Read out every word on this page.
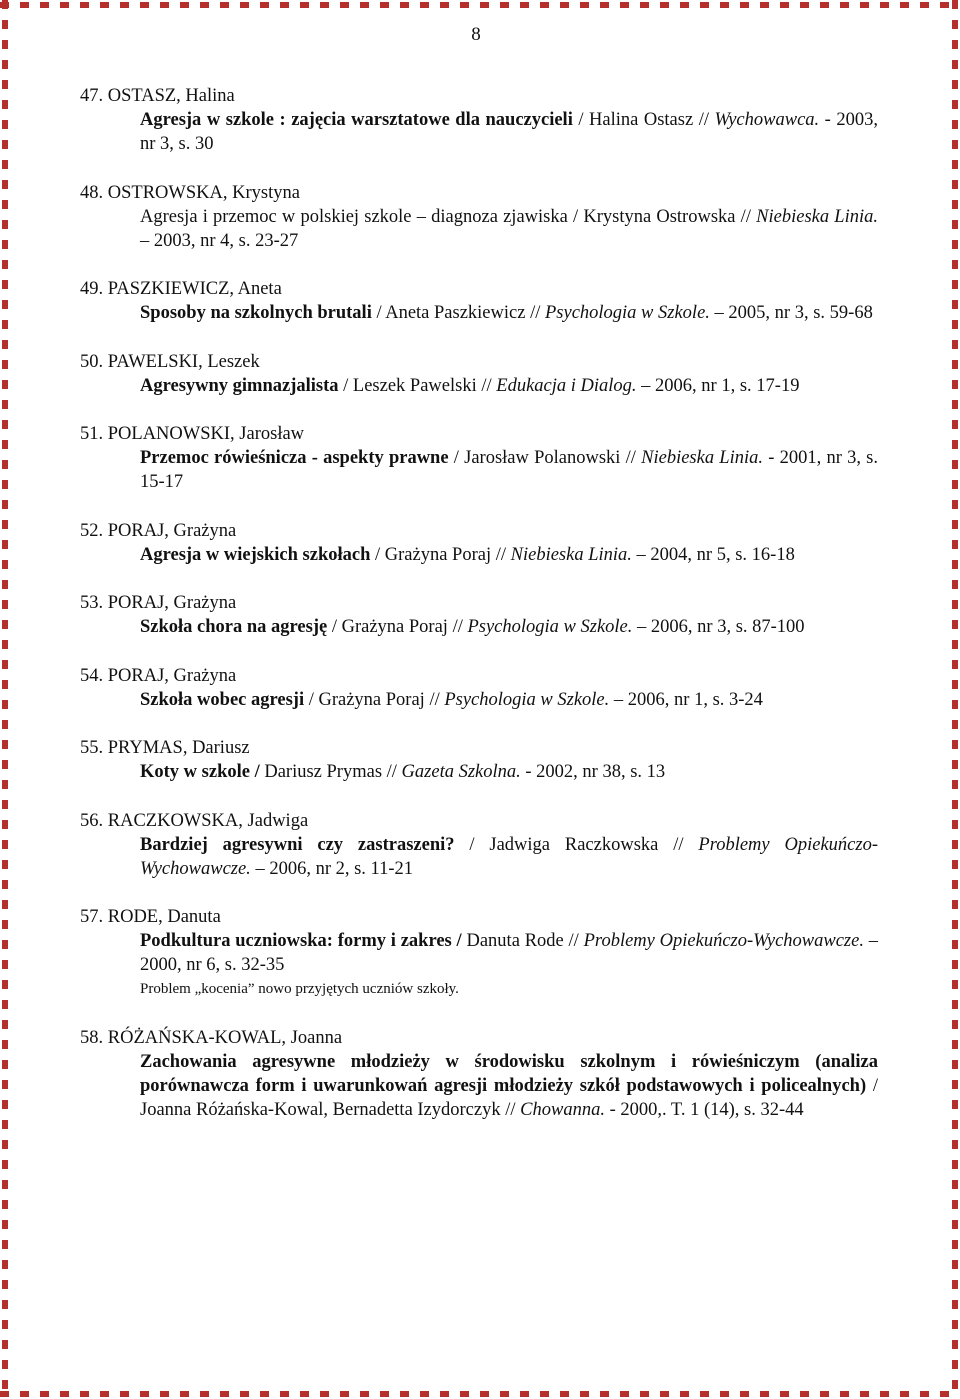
8
47. OSTASZ, Halina
Agresja w szkole : zajęcia warsztatowe dla nauczycieli / Halina Ostasz // Wychowawca. - 2003, nr 3, s. 30
48. OSTROWSKA, Krystyna
Agresja i przemoc w polskiej szkole – diagnoza zjawiska / Krystyna Ostrowska // Niebieska Linia. – 2003, nr 4, s. 23-27
49. PASZKIEWICZ, Aneta
Sposoby na szkolnych brutali / Aneta Paszkiewicz // Psychologia w Szkole. – 2005, nr 3, s. 59-68
50. PAWELSKI, Leszek
Agresywny gimnazjalista / Leszek Pawelski // Edukacja i Dialog. – 2006, nr 1, s. 17-19
51. POLANOWSKI, Jarosław
Przemoc rówieśnicza - aspekty prawne / Jarosław Polanowski // Niebieska Linia. - 2001, nr 3, s. 15-17
52. PORAJ, Grażyna
Agresja w wiejskich szkołach / Grażyna Poraj // Niebieska Linia. – 2004, nr 5, s. 16-18
53. PORAJ, Grażyna
Szkoła chora na agresję / Grażyna Poraj // Psychologia w Szkole. – 2006, nr 3, s. 87-100
54. PORAJ, Grażyna
Szkoła wobec agresji / Grażyna Poraj // Psychologia w Szkole. – 2006, nr 1, s. 3-24
55. PRYMAS, Dariusz
Koty w szkole / Dariusz Prymas // Gazeta Szkolna. - 2002, nr 38, s. 13
56. RACZKOWSKA, Jadwiga
Bardziej agresywni czy zastraszeni? / Jadwiga Raczkowska // Problemy Opiekuńczo-Wychowawcze. – 2006, nr 2, s. 11-21
57. RODE, Danuta
Podkultura uczniowska: formy i zakres / Danuta Rode // Problemy Opiekuńczo-Wychowawcze. – 2000, nr 6, s. 32-35
Problem „kocenia” nowo przyjętych uczniów szkoły.
58. RÓŻAŃSKA-KOWAL, Joanna
Zachowania agresywne młodzieży w środowisku szkolnym i rówieśniczym (analiza porównawcza form i uwarunkowań agresji młodzieży szkół podstawowych i policealnych) / Joanna Różańska-Kowal, Bernadetta Izydorczyk // Chowanna. - 2000,. T. 1 (14), s. 32-44
